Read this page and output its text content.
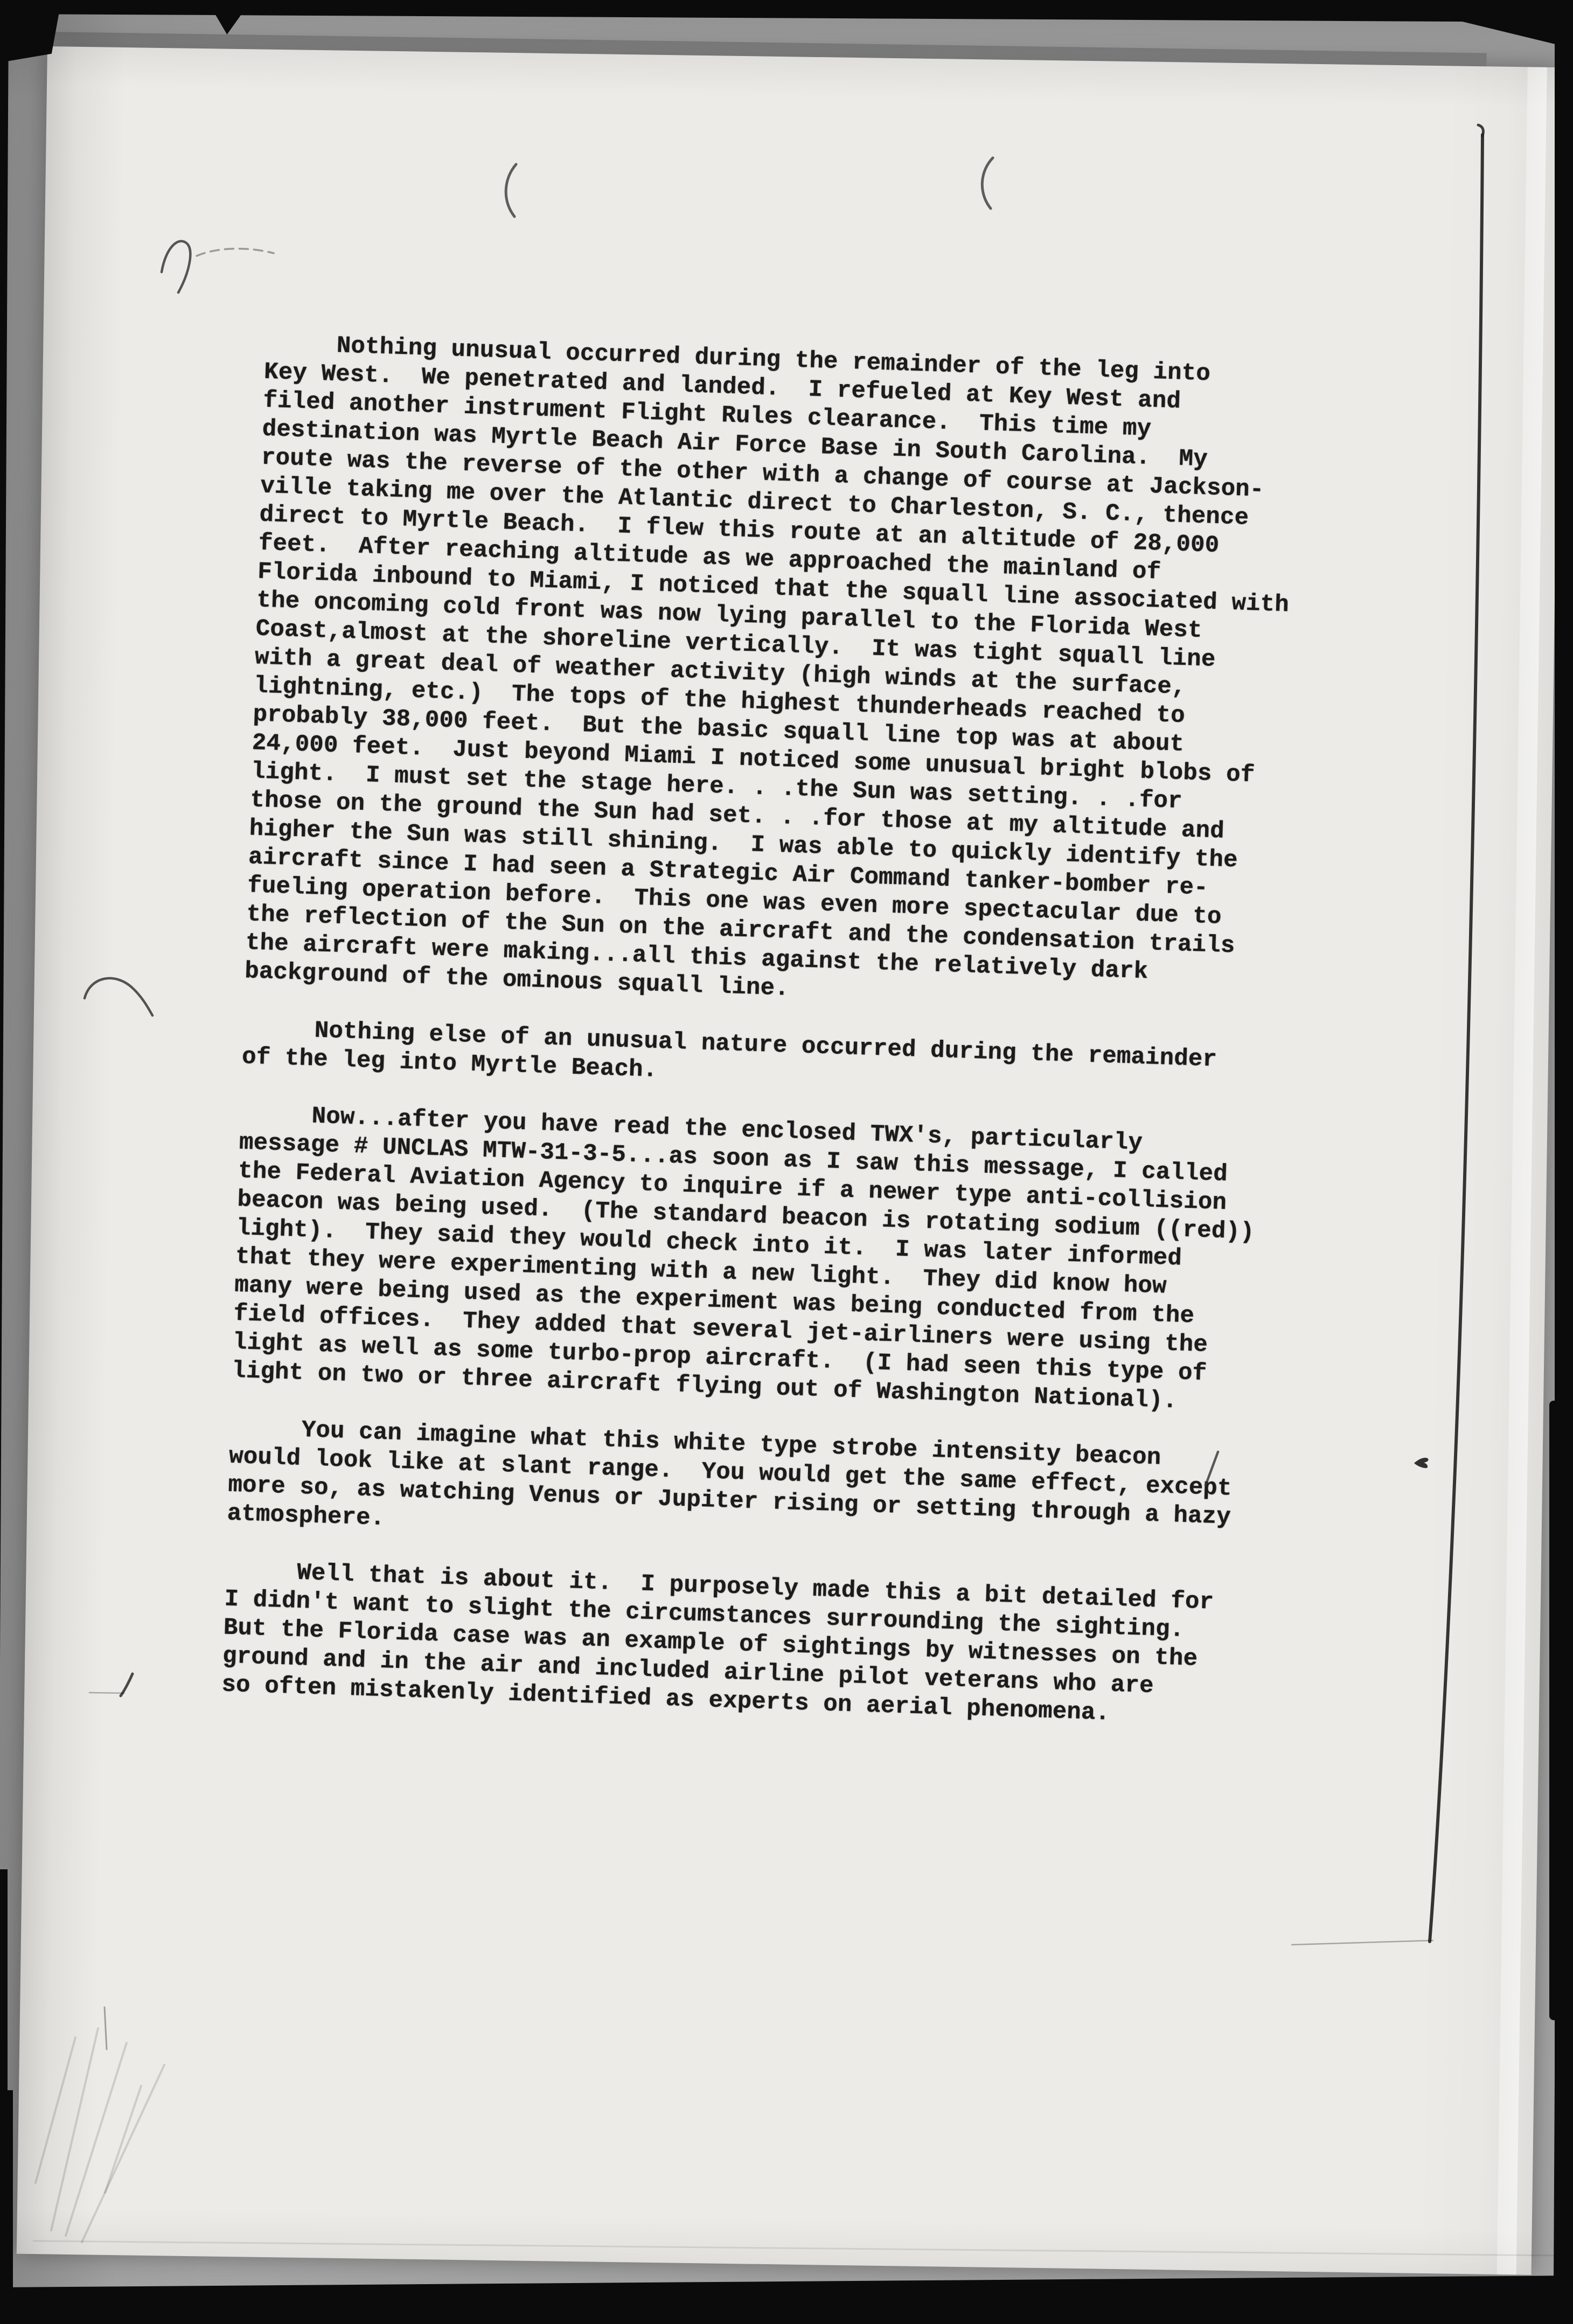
Nothing unusual occurred during the remainder of the leg into
Key West.  We penetrated and landed.  I refueled at Key West and
filed another instrument Flight Rules clearance.  This time my
destination was Myrtle Beach Air Force Base in South Carolina.  My
route was the reverse of the other with a change of course at Jackson-
ville taking me over the Atlantic direct to Charleston, S. C., thence
direct to Myrtle Beach.  I flew this route at an altitude of 28,000
feet.  After reaching altitude as we approached the mainland of
Florida inbound to Miami, I noticed that the squall line associated with
the oncoming cold front was now lying parallel to the Florida West
Coast,almost at the shoreline vertically.  It was tight squall line
with a great deal of weather activity (high winds at the surface,
lightning, etc.)  The tops of the highest thunderheads reached to
probably 38,000 feet.  But the basic squall line top was at about
24,000 feet.  Just beyond Miami I noticed some unusual bright blobs of
light.  I must set the stage here. . .the Sun was setting. . .for
those on the ground the Sun had set. . .for those at my altitude and
higher the Sun was still shining.  I was able to quickly identify the
aircraft since I had seen a Strategic Air Command tanker-bomber re-
fueling operation before.  This one was even more spectacular due to
the reflection of the Sun on the aircraft and the condensation trails
the aircraft were making...all this against the relatively dark
background of the ominous squall line.
Nothing else of an unusual nature occurred during the remainder
of the leg into Myrtle Beach.
Now...after you have read the enclosed TWX's, particularly
message # UNCLAS MTW-31-3-5...as soon as I saw this message, I called
the Federal Aviation Agency to inquire if a newer type anti-collision
beacon was being used.  (The standard beacon is rotating sodium ((red))
light).  They said they would check into it.  I was later informed
that they were experimenting with a new light.  They did know how
many were being used as the experiment was being conducted from the
field offices.  They added that several jet-airliners were using the
light as well as some turbo-prop aircraft.  (I had seen this type of
light on two or three aircraft flying out of Washington National).
You can imagine what this white type strobe intensity beacon
would look like at slant range.  You would get the same effect, except
more so, as watching Venus or Jupiter rising or setting through a hazy
atmosphere.
Well that is about it.  I purposely made this a bit detailed for
I didn't want to slight the circumstances surrounding the sighting.
But the Florida case was an example of sightings by witnesses on the
ground and in the air and included airline pilot veterans who are
so often mistakenly identified as experts on aerial phenomena.
